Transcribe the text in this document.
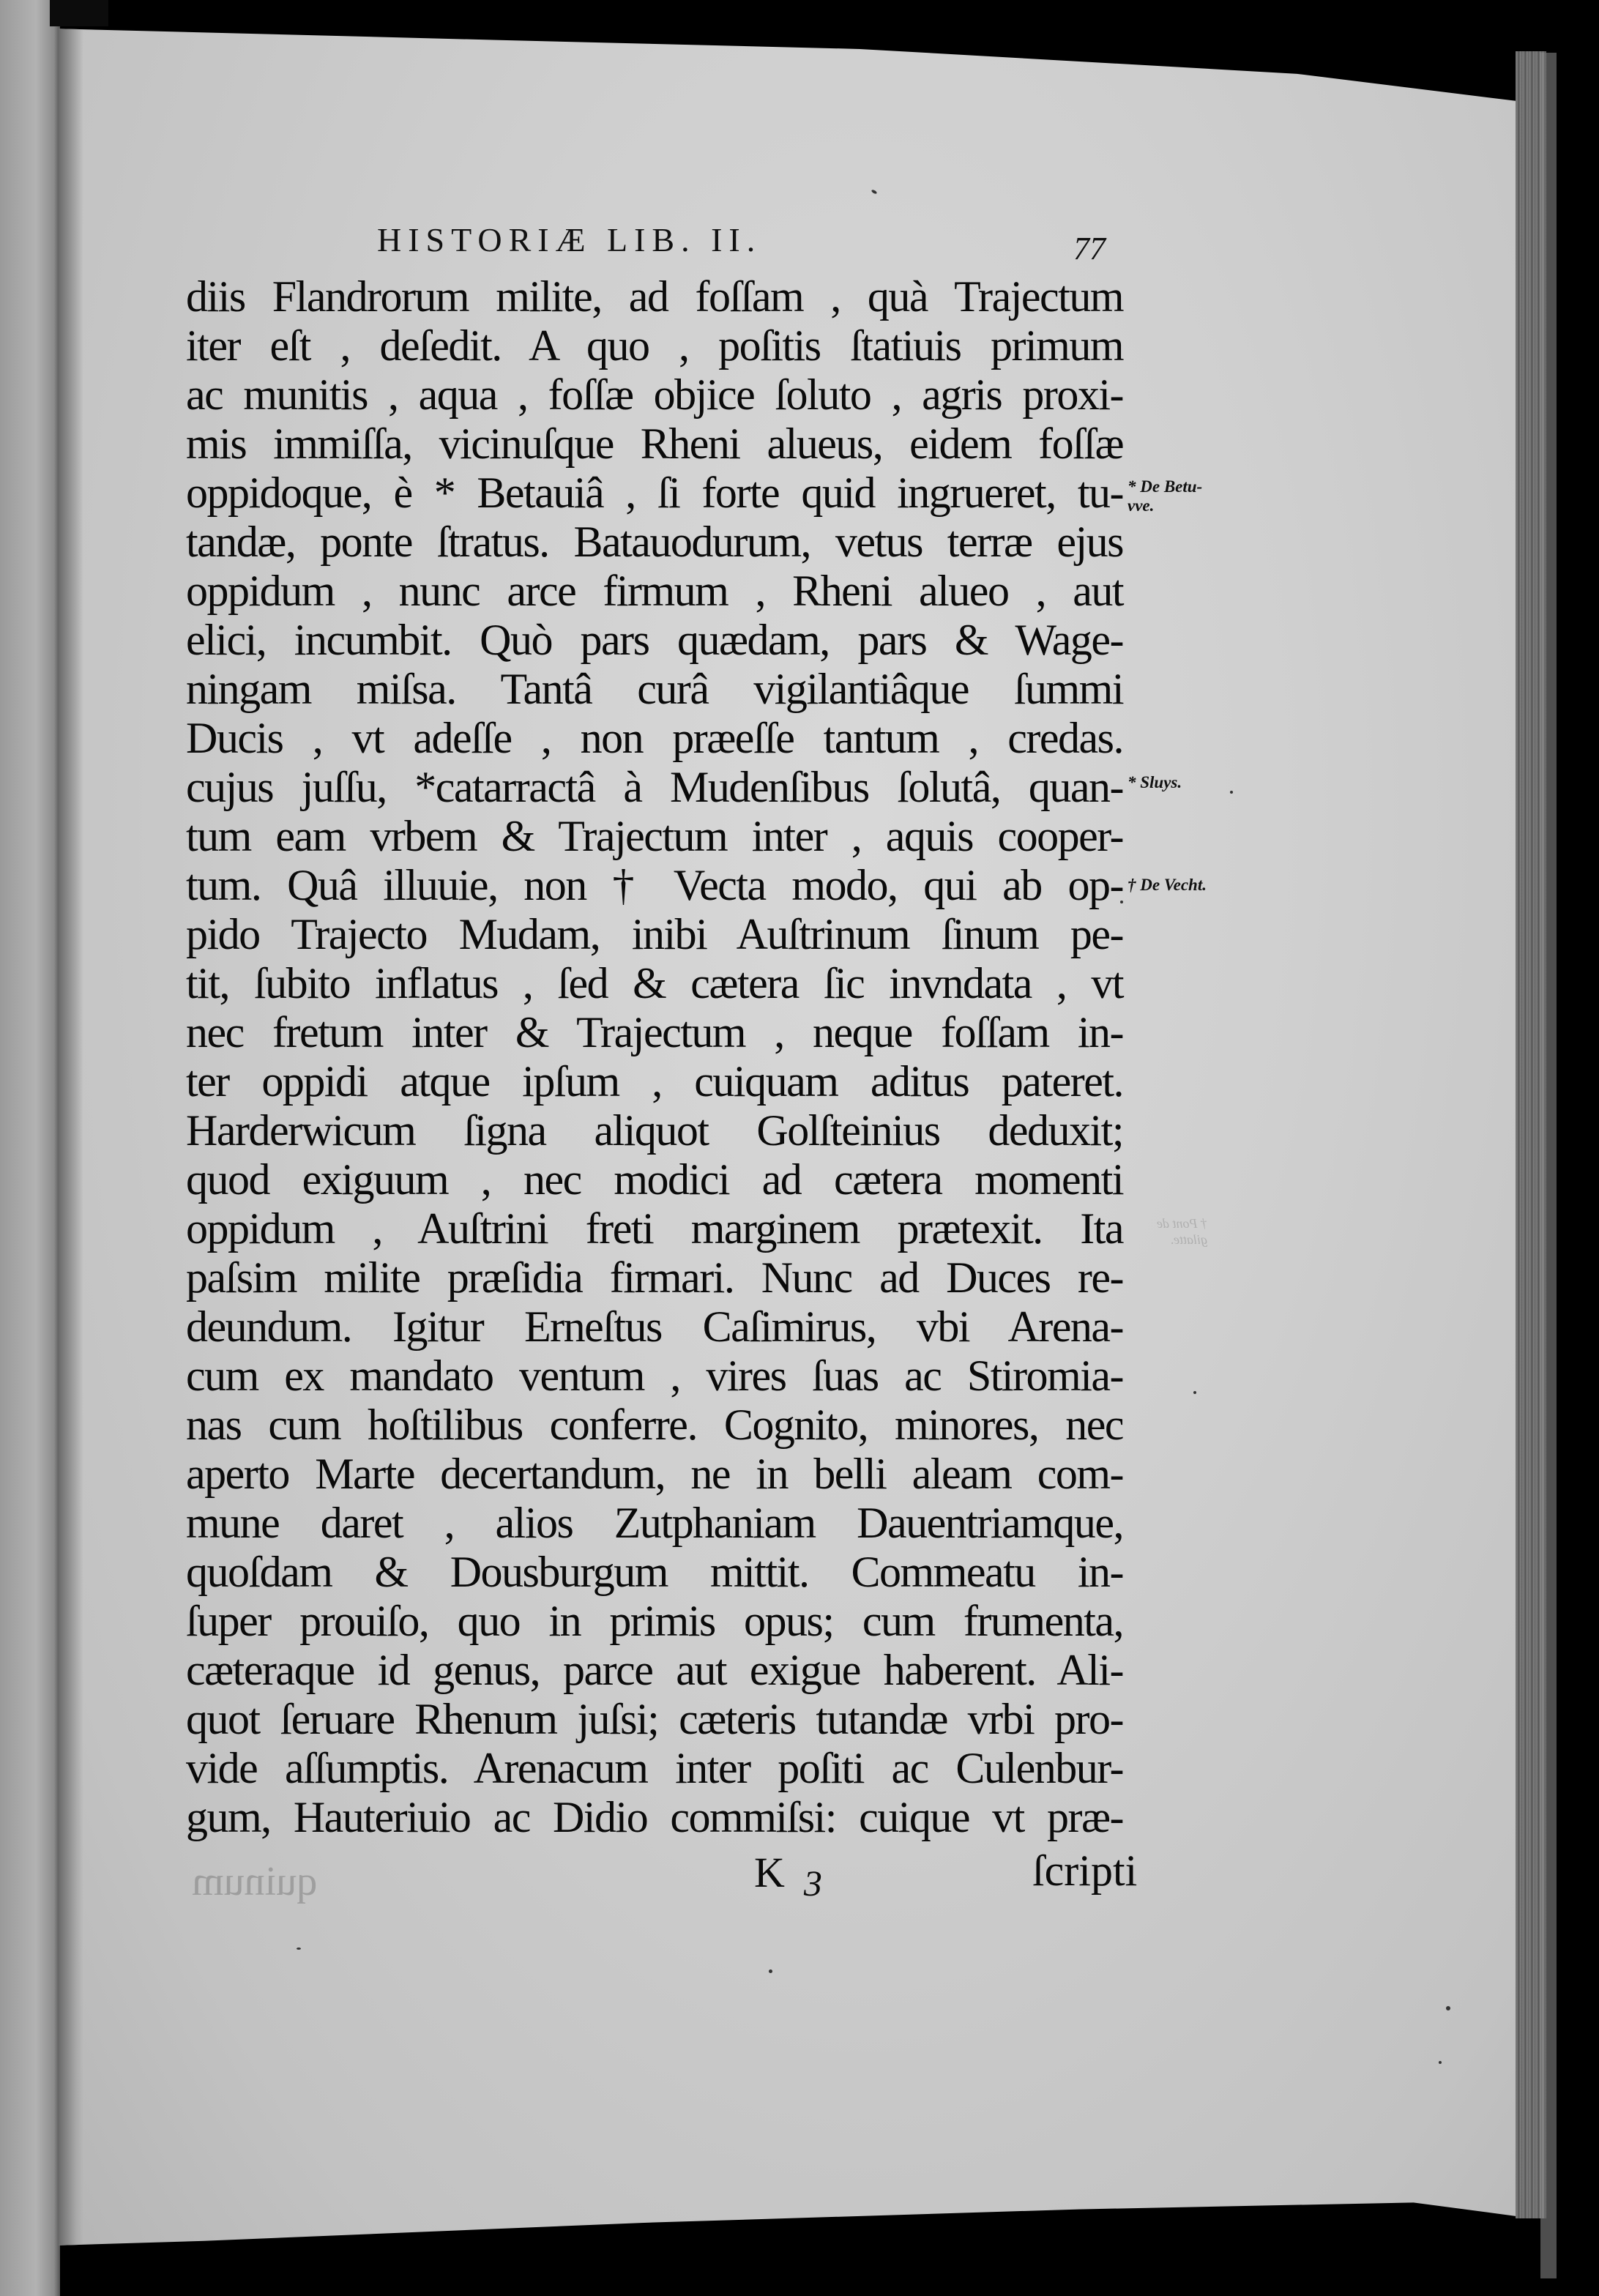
HISTORIÆ LIB. II.	77
diis Flandrorum milite, ad foſſam , quà Trajectum
iter eſt , deſedit. A quo , poſitis ſtatiuis primum
ac munitis , aqua , foſſæ objice ſoluto , agris proxi-
mis immiſſa, vicinuſque Rheni alueus, eidem foſſæ
oppidoque, è * Betauiâ , ſi forte quid ingrueret, tu-
tandæ, ponte ſtratus. Batauodurum, vetus terræ ejus
oppidum , nunc arce firmum , Rheni alueo , aut
elici, incumbit. Quò pars quædam, pars & Wage-
ningam miſsa. Tantâ curâ vigilantiâque ſummi
Ducis , vt adeſſe , non præeſſe tantum , credas.
cujus juſſu, *catarractâ à Mudenſibus ſolutâ, quan-
tum eam vrbem & Trajectum inter , aquis cooper-
tum. Quâ illuuie, non † Vecta modo, qui ab op-
pido Trajecto Mudam, inibi Auſtrinum ſinum pe-
tit, ſubito inflatus , ſed & cætera ſic invndata , vt
nec fretum inter & Trajectum , neque foſſam in-
ter oppidi atque ipſum , cuiquam aditus pateret.
Harderwicum ſigna aliquot Golſteinius deduxit;
quod exiguum , nec modici ad cætera momenti
oppidum , Auſtrini freti marginem prætexit. Ita
paſsim milite præſidia firmari. Nunc ad Duces re-
deundum. Igitur Erneſtus Caſimirus, vbi Arena-
cum ex mandato ventum , vires ſuas ac Stiromia-
nas cum hoſtilibus conferre. Cognito, minores, nec
aperto Marte decertandum, ne in belli aleam com-
mune daret , alios Zutphaniam Dauentriamque,
quoſdam & Dousburgum mittit. Commeatu in-
ſuper prouiſo, quo in primis opus; cum frumenta,
cæteraque id genus, parce aut exigue haberent. Ali-
quot ſeruare Rhenum juſsi; cæteris tutandæ vrbi pro-
vide aſſumptis. Arenacum inter poſiti ac Culenbur-
gum, Hauteriuio ac Didio commiſsi: cuique vt præ-
* De Betu-
vve.
* Sluys.
† De Vecht.
† Pont de
gilatte.
quinum	K 3	ſcripti
